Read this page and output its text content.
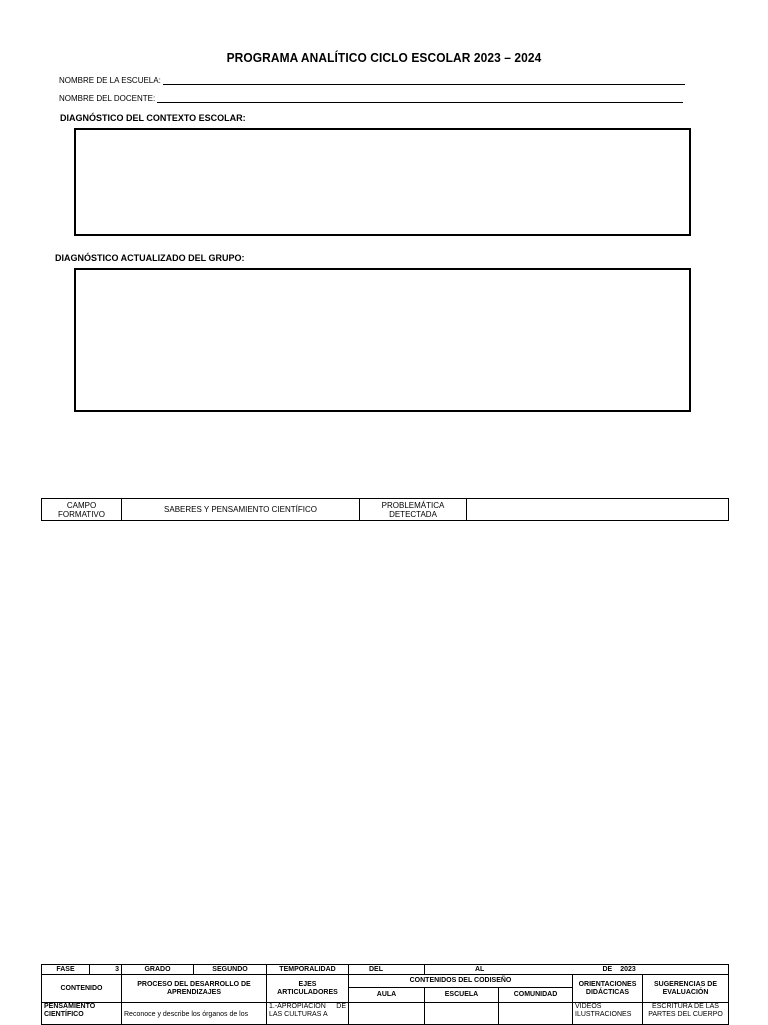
PROGRAMA ANALÍTICO CICLO ESCOLAR 2023 – 2024
NOMBRE DE LA ESCUELA:
NOMBRE DEL DOCENTE:
DIAGNÓSTICO DEL CONTEXTO ESCOLAR:
DIAGNÓSTICO ACTUALIZADO DEL GRUPO:
CAMPO FORMATIVO	SABERES Y PENSAMIENTO CIENTÍFICO	PROBLEMÁTICA DETECTADA	
FASE	3	GRADO	SEGUNDO	TEMPORALIDAD	DEL	AL		DE 2023	
CONTENIDO		PROCESO DEL DESARROLLO DE APRENDIZAJES		EJES ARTICULADORES	CONTENIDOS DEL CODISEÑO			ORIENTACIONES DIDÁCTICAS	SUGERENCIAS DE EVALUACIÓN
					AULA	ESCUELA	COMUNIDAD		
PENSAMIENTO CIENTÍFICO		Reconoce y describe los órganos de los		1.-APROPIACION DE LAS CULTURAS A				VIDEOS ILUSTRACIONES	ESCRITURA DE LAS PARTES DEL CUERPO
